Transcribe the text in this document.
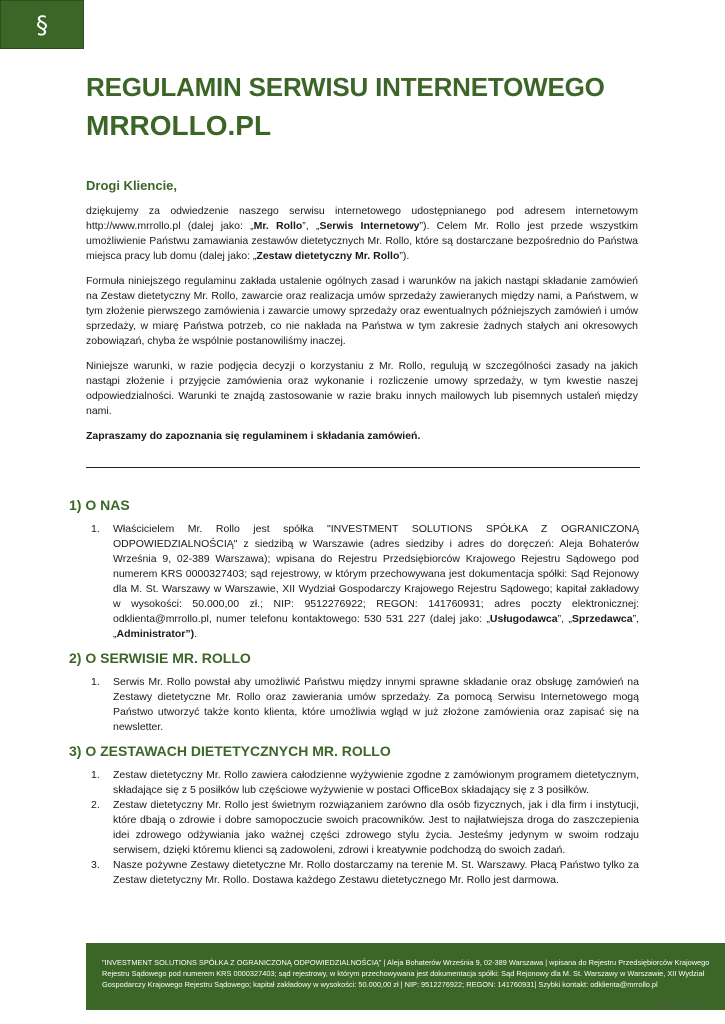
§
REGULAMIN SERWISU INTERNETOWEGO
MRROLLO.PL
Drogi Kliencie,

dziękujemy za odwiedzenie naszego serwisu internetowego udostępnianego pod adresem internetowym http://www.mrrollo.pl (dalej jako: „Mr. Rollo”, „Serwis Internetowy”). Celem Mr. Rollo jest przede wszystkim umożliwienie Państwu zamawiania zestawów dietetycznych Mr. Rollo, które są dostarczane bezpośrednio do Państwa miejsca pracy lub domu (dalej jako: „Zestaw dietetyczny Mr. Rollo”).

Formuła niniejszego regulaminu zakłada ustalenie ogólnych zasad i warunków na jakich nastąpi składanie zamówień na Zestaw dietetyczny Mr. Rollo, zawarcie oraz realizacja umów sprzedaży zawieranych między nami, a Państwem, w tym złożenie pierwszego zamówienia i zawarcie umowy sprzedaży oraz ewentualnych późniejszych zamówień i umów sprzedaży, w miarę Państwa potrzeb, co nie nakłada na Państwa w tym zakresie żadnych stałych ani okresowych zobowiązań, chyba że wspólnie postanowiliśmy inaczej.

Niniejsze warunki, w razie podjęcia decyzji o korzystaniu z Mr. Rollo, regulują w szczególności zasady na jakich nastąpi złożenie i przyjęcie zamówienia oraz wykonanie i rozliczenie umowy sprzedaży, w tym kwestie naszej odpowiedzialności. Warunki te znajdą zastosowanie w razie braku innych mailowych lub pisemnych ustaleń między nami.

Zapraszamy do zapoznania się regulaminem i składania zamówień.

1) O NAS
1. Właścicielem Mr. Rollo jest spółka "INVESTMENT SOLUTIONS SPÓŁKA Z OGRANICZONĄ ODPOWIEDZIALNOŚCIĄ" z siedzibą w Warszawie (adres siedziby i adres do doręczeń: Aleja Bohaterów Września 9, 02-389 Warszawa); wpisana do Rejestru Przedsiębiorców Krajowego Rejestru Sądowego pod numerem KRS 0000327403; sąd rejestrowy, w którym przechowywana jest dokumentacja spółki: Sąd Rejonowy dla M. St. Warszawy w Warszawie, XII Wydział Gospodarczy Krajowego Rejestru Sądowego; kapitał zakładowy w wysokości: 50.000,00 zł.; NIP: 9512276922; REGON: 141760931; adres poczty elektronicznej: odklienta@mrrollo.pl, numer telefonu kontaktowego: 530 531 227 (dalej jako: „Usługodawca”, „Sprzedawca”, „Administrator”).
2) O SERWISIE MR. ROLLO
1. Serwis Mr. Rollo powstał aby umożliwić Państwu między innymi sprawne składanie oraz obsługę zamówień na Zestawy dietetyczne Mr. Rollo oraz zawierania umów sprzedaży. Za pomocą Serwisu Internetowego mogą Państwo utworzyć także konto klienta, które umożliwia wgląd w już złożone zamówienia oraz zapisać się na newsletter.
3) O ZESTAWACH DIETETYCZNYCH MR. ROLLO
1. Zestaw dietetyczny Mr. Rollo zawiera całodzienne wyżywienie zgodne z zamówionym programem dietetycznym, składające się z 5 posiłków lub częściowe wyżywienie w postaci OfficeBox składający się z 3 posiłków.
2. Zestaw dietetyczny Mr. Rollo jest świetnym rozwiązaniem zarówno dla osób fizycznych, jak i dla firm i instytucji, które dbają o zdrowie i dobre samopoczucie swoich pracowników. Jest to najłatwiejsza droga do zaszczepienia idei zdrowego odżywiania jako ważnej części zdrowego stylu życia. Jesteśmy jedynym w swoim rodzaju serwisem, dzięki któremu klienci są zadowoleni, zdrowi i kreatywnie podchodzą do swoich zadań.
3. Nasze pożywne Zestawy dietetyczne Mr. Rollo dostarczamy na terenie M. St. Warszawy. Płacą Państwo tylko za Zestaw dietetyczny Mr. Rollo. Dostawa każdego Zestawu dietetycznego Mr. Rollo jest darmowa.
"INVESTMENT SOLUTIONS SPÓŁKA Z OGRANICZONĄ ODPOWIEDZIALNOŚCIĄ" | Aleja Bohaterów Września 9, 02-389 Warszawa | wpisana do Rejestru Przedsiębiorców Krajowego Rejestru Sądowego pod numerem KRS 0000327403; sąd rejestrowy, w którym przechowywana jest dokumentacja spółki: Sąd Rejonowy dla M. St. Warszawy w Warszawie, XII Wydział Gospodarczy Krajowego Rejestru Sądowego; kapitał zakładowy w wysokości: 50.000,00 zł | NIP: 9512276922; REGON: 141760931| Szybki kontakt: odklienta@mrrollo.pl
Strona 1 z 8
